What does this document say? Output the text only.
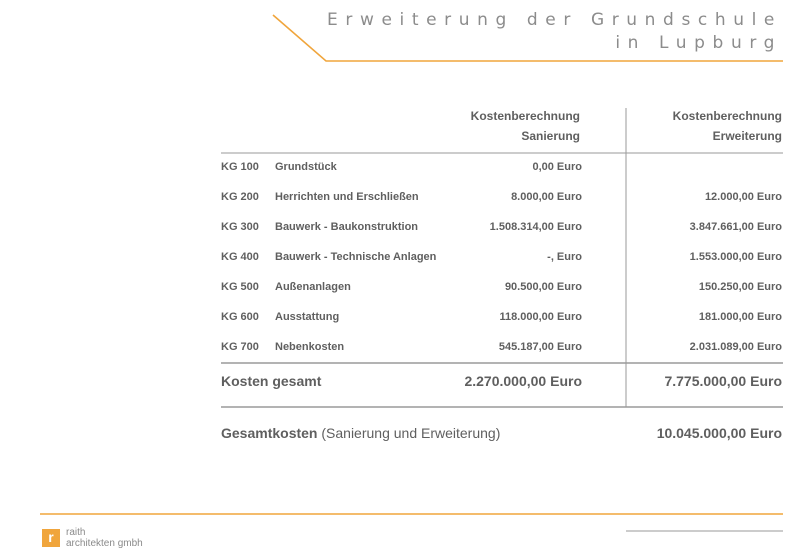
Erweiterung der Grundschule
in Lupburg
Kostenberechnung
Sanierung
Kostenberechnung
Erweiterung
KG 100 Grundstück	0,00 Euro
KG 200 Herrichten und Erschließen	8.000,00 Euro	12.000,00 Euro
KG 300 Bauwerk - Baukonstruktion	1.508.314,00 Euro	3.847.661,00 Euro
KG 400 Bauwerk - Technische Anlagen	-, Euro	1.553.000,00 Euro
KG 500 Außenanlagen	90.500,00 Euro	150.250,00 Euro
KG 600 Ausstattung	118.000,00 Euro	181.000,00 Euro
KG 700 Nebenkosten	545.187,00 Euro	2.031.089,00 Euro
Kosten gesamt	2.270.000,00 Euro	7.775.000,00 Euro
Gesamtkosten (Sanierung und Erweiterung)	10.045.000,00 Euro
r	raith
architekten gmbh
